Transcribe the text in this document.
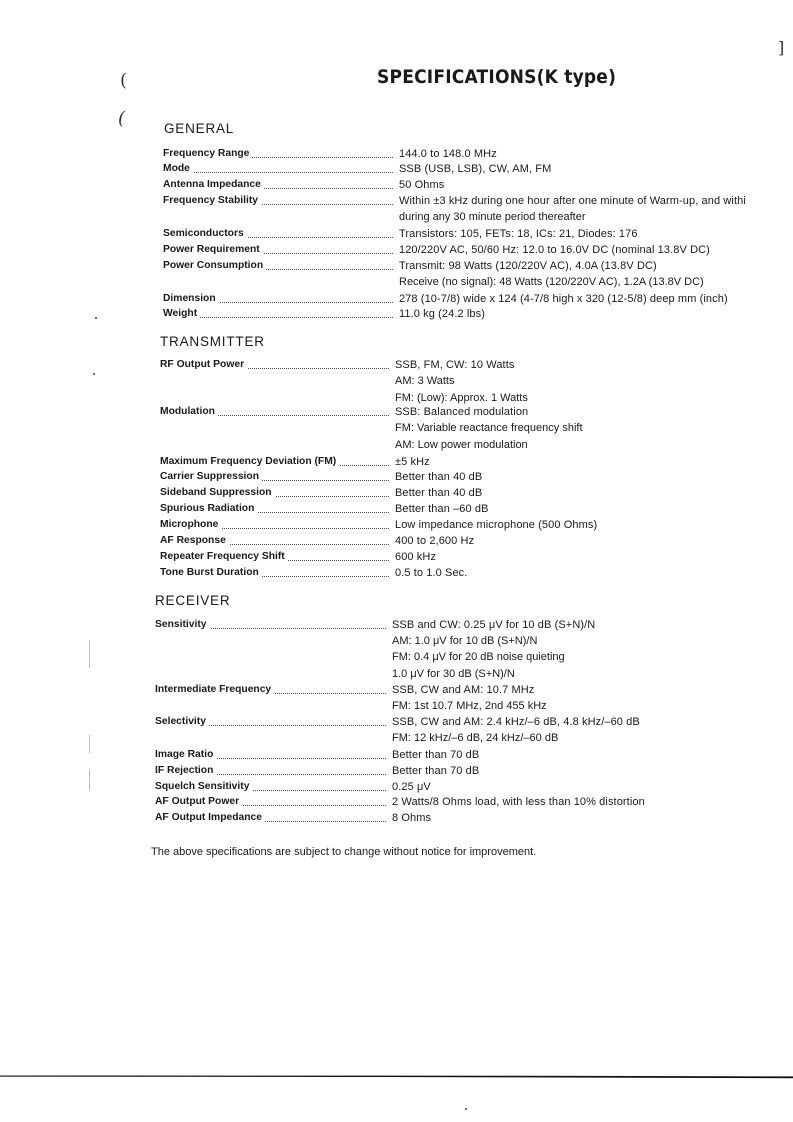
(
(
]
SPECIFICATIONS(K type)
GENERAL
Frequency Range	144.0 to 148.0 MHz
Mode	SSB (USB, LSB), CW, AM, FM
Antenna Impedance	50 Ohms
Frequency Stability	Within ±3 kHz during one hour after one minute of Warm-up, and withi
during any 30 minute period thereafter
Semiconductors	Transistors: 105, FETs: 18, ICs: 21, Diodes: 176
Power Requirement	120/220V AC, 50/60 Hz: 12.0 to 16.0V DC (nominal 13.8V DC)
Power Consumption	Transmit: 98 Watts (120/220V AC), 4.0A (13.8V DC)
Receive (no signal): 48 Watts (120/220V AC), 1.2A (13.8V DC)
Dimension	278 (10-7/8) wide x 124 (4-7/8 high x 320 (12-5/8) deep mm (inch)
Weight	11.0 kg (24.2 lbs)
TRANSMITTER
RF Output Power	SSB, FM, CW: 10 Watts
AM: 3 Watts
FM: (Low): Approx. 1 Watts
Modulation	SSB: Balanced modulation
FM: Variable reactance frequency shift
AM: Low power modulation
Maximum Frequency Deviation (FM)	±5 kHz
Carrier Suppression	Better than 40 dB
Sideband Suppression	Better than 40 dB
Spurious Radiation	Better than –60 dB
Microphone	Low impedance microphone (500 Ohms)
AF Response	400 to 2,600 Hz
Repeater Frequency Shift	600 kHz
Tone Burst Duration	0.5 to 1.0 Sec.
RECEIVER
Sensitivity	SSB and CW: 0.25 μV for 10 dB (S+N)/N
AM: 1.0 μV for 10 dB (S+N)/N
FM: 0.4 μV for 20 dB noise quieting
1.0 μV for 30 dB (S+N)/N
Intermediate Frequency	SSB, CW and AM: 10.7 MHz
FM: 1st 10.7 MHz, 2nd 455 kHz
Selectivity	SSB, CW and AM: 2.4 kHz/–6 dB, 4.8 kHz/–60 dB
FM: 12 kHz/–6 dB, 24 kHz/–60 dB
Image Ratio	Better than 70 dB
IF Rejection	Better than 70 dB
Squelch Sensitivity	0.25 μV
AF Output Power	2 Watts/8 Ohms load, with less than 10% distortion
AF Output Impedance	8 Ohms
The above specifications are subject to change without notice for improvement.
